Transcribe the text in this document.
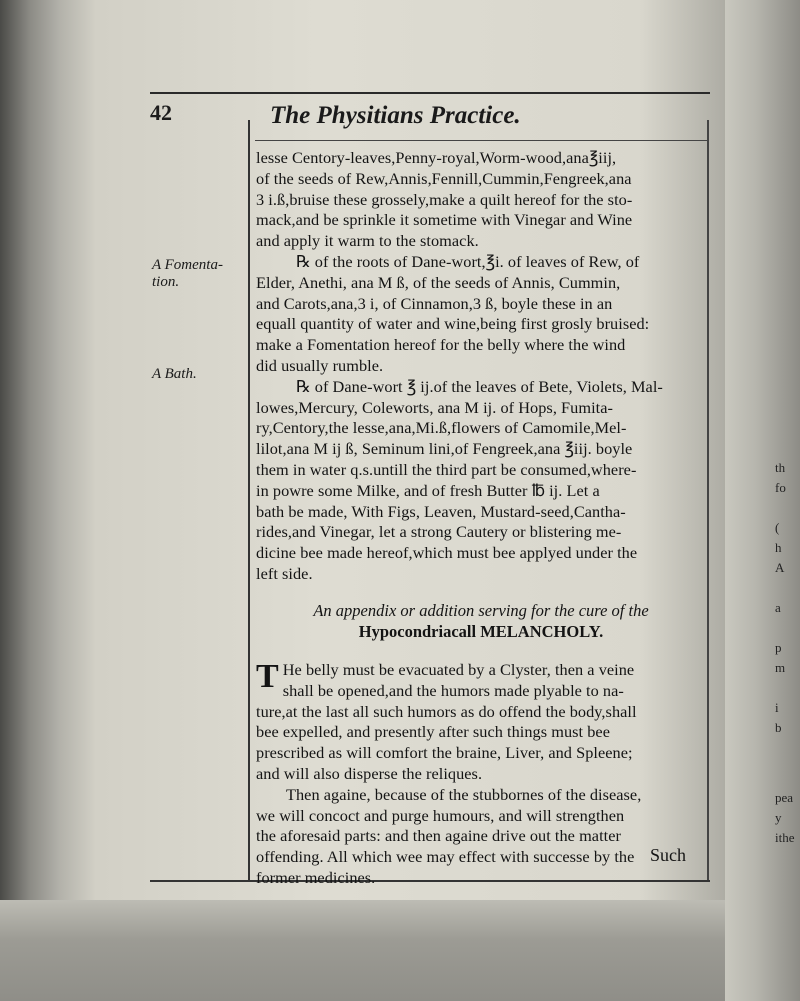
th
fo
(
h
A
a
p
m
i
b
pea
y
ithe
42	The Physitians Practice.
A Fomenta-
tion.
A Bath.
lesse Centory-leaves,Penny-royal,Worm-wood,ana℥iij,
of the seeds of Rew,Annis,Fennill,Cummin,Fengreek,ana
3 i.ß,bruise these grossely,make a quilt hereof for the sto-
mack,and be sprinkle it sometime with Vinegar and Wine
and apply it warm to the stomack.
℞ of the roots of Dane-wort,℥i. of leaves of Rew, of
Elder, Anethi, ana M ß, of the seeds of Annis, Cummin,
and Carots,ana,3 i, of Cinnamon,3 ß, boyle these in an
equall quantity of water and wine,being first grosly bruised:
make a Fomentation hereof for the belly where the wind
did usually rumble.
℞ of Dane-wort ℥ ij.of the leaves of Bete, Violets, Mal-
lowes,Mercury, Coleworts, ana M ij. of Hops, Fumita-
ry,Centory,the lesse,ana,Mi.ß,flowers of Camomile,Mel-
lilot,ana M ij ß, Seminum lini,of Fengreek,ana ℥iij. boyle
them in water q.s.untill the third part be consumed,where-
in powre some Milke, and of fresh Butter ℔ ij. Let a
bath be made, With Figs, Leaven, Mustard-seed,Cantha-
rides,and Vinegar, let a strong Cautery or blistering me-
dicine bee made hereof,which must bee applyed under the
left side.
An appendix or addition serving for the cure of the
Hypocondriacall MELANCHOLY.
T He belly must be evacuated by a Clyster, then a veine
shall be opened,and the humors made plyable to na-
ture,at the last all such humors as do offend the body,shall
bee expelled, and presently after such things must bee
prescribed as will comfort the braine, Liver, and Spleene;
and will also disperse the reliques.
Then againe, because of the stubbornes of the disease,
we will concoct and purge humours, and will strengthen
the aforesaid parts: and then againe drive out the matter
offending. All which wee may effect with successe by the
former medicines.
Such
